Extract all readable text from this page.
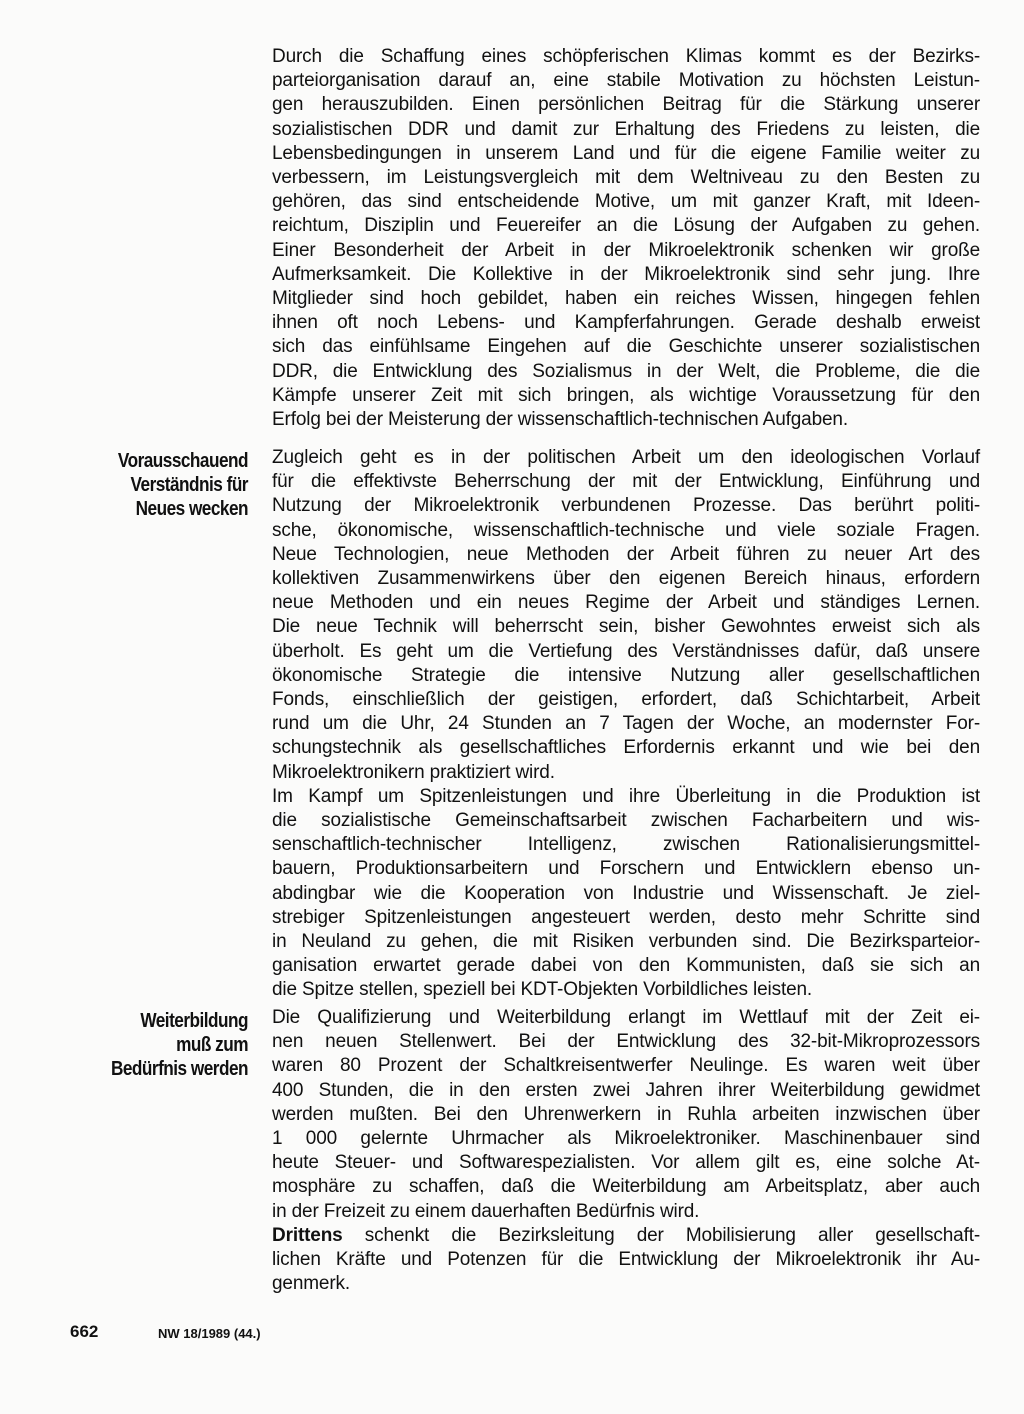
Vorausschauend
Verständnis für
Neues wecken
Weiterbildung
muß zum
Bedürfnis werden

Durch die Schaffung eines schöpferischen Klimas kommt es der Bezirks-
parteiorganisation darauf an, eine stabile Motivation zu höchsten Leistun-
gen herauszubilden. Einen persönlichen Beitrag für die Stärkung unserer
sozialistischen DDR und damit zur Erhaltung des Friedens zu leisten, die
Lebensbedingungen in unserem Land und für die eigene Familie weiter zu
verbessern, im Leistungsvergleich mit dem Weltniveau zu den Besten zu
gehören, das sind entscheidende Motive, um mit ganzer Kraft, mit Ideen-
reichtum, Disziplin und Feuereifer an die Lösung der Aufgaben zu gehen.

Einer Besonderheit der Arbeit in der Mikroelektronik schenken wir große
Aufmerksamkeit. Die Kollektive in der Mikroelektronik sind sehr jung. Ihre
Mitglieder sind hoch gebildet, haben ein reiches Wissen, hingegen fehlen
ihnen oft noch Lebens- und Kampferfahrungen. Gerade deshalb erweist
sich das einfühlsame Eingehen auf die Geschichte unserer sozialistischen
DDR, die Entwicklung des Sozialismus in der Welt, die Probleme, die die
Kämpfe unserer Zeit mit sich bringen, als wichtige Voraussetzung für den
Erfolg bei der Meisterung der wissenschaftlich-technischen Aufgaben.

Zugleich geht es in der politischen Arbeit um den ideologischen Vorlauf
für die effektivste Beherrschung der mit der Entwicklung, Einführung und
Nutzung der Mikroelektronik verbundenen Prozesse. Das berührt politi-
sche, ökonomische, wissenschaftlich-technische und viele soziale Fragen.
Neue Technologien, neue Methoden der Arbeit führen zu neuer Art des
kollektiven Zusammenwirkens über den eigenen Bereich hinaus, erfordern
neue Methoden und ein neues Regime der Arbeit und ständiges Lernen.
Die neue Technik will beherrscht sein, bisher Gewohntes erweist sich als
überholt. Es geht um die Vertiefung des Verständnisses dafür, daß unsere
ökonomische Strategie die intensive Nutzung aller gesellschaftlichen
Fonds, einschließlich der geistigen, erfordert, daß Schichtarbeit, Arbeit
rund um die Uhr, 24 Stunden an 7 Tagen der Woche, an modernster For-
schungstechnik als gesellschaftliches Erfordernis erkannt und wie bei den
Mikroelektronikern praktiziert wird.

Im Kampf um Spitzenleistungen und ihre Überleitung in die Produktion ist
die sozialistische Gemeinschaftsarbeit zwischen Facharbeitern und wis-
senschaftlich-technischer Intelligenz, zwischen Rationalisierungsmittel-
bauern, Produktionsarbeitern und Forschern und Entwicklern ebenso un-
abdingbar wie die Kooperation von Industrie und Wissenschaft. Je ziel-
strebiger Spitzenleistungen angesteuert werden, desto mehr Schritte sind
in Neuland zu gehen, die mit Risiken verbunden sind. Die Bezirksparteior-
ganisation erwartet gerade dabei von den Kommunisten, daß sie sich an
die Spitze stellen, speziell bei KDT-Objekten Vorbildliches leisten.

Die Qualifizierung und Weiterbildung erlangt im Wettlauf mit der Zeit ei-
nen neuen Stellenwert. Bei der Entwicklung des 32-bit-Mikroprozessors
waren 80 Prozent der Schaltkreisentwerfer Neulinge. Es waren weit über
400 Stunden, die in den ersten zwei Jahren ihrer Weiterbildung gewidmet
werden mußten. Bei den Uhrenwerkern in Ruhla arbeiten inzwischen über
1 000 gelernte Uhrmacher als Mikroelektroniker. Maschinenbauer sind
heute Steuer- und Softwarespezialisten. Vor allem gilt es, eine solche At-
mosphäre zu schaffen, daß die Weiterbildung am Arbeitsplatz, aber auch
in der Freizeit zu einem dauerhaften Bedürfnis wird.

Drittens schenkt die Bezirksleitung der Mobilisierung aller gesellschaft-
lichen Kräfte und Potenzen für die Entwicklung der Mikroelektronik ihr Au-
genmerk.

662	NW 18/1989 (44.)
